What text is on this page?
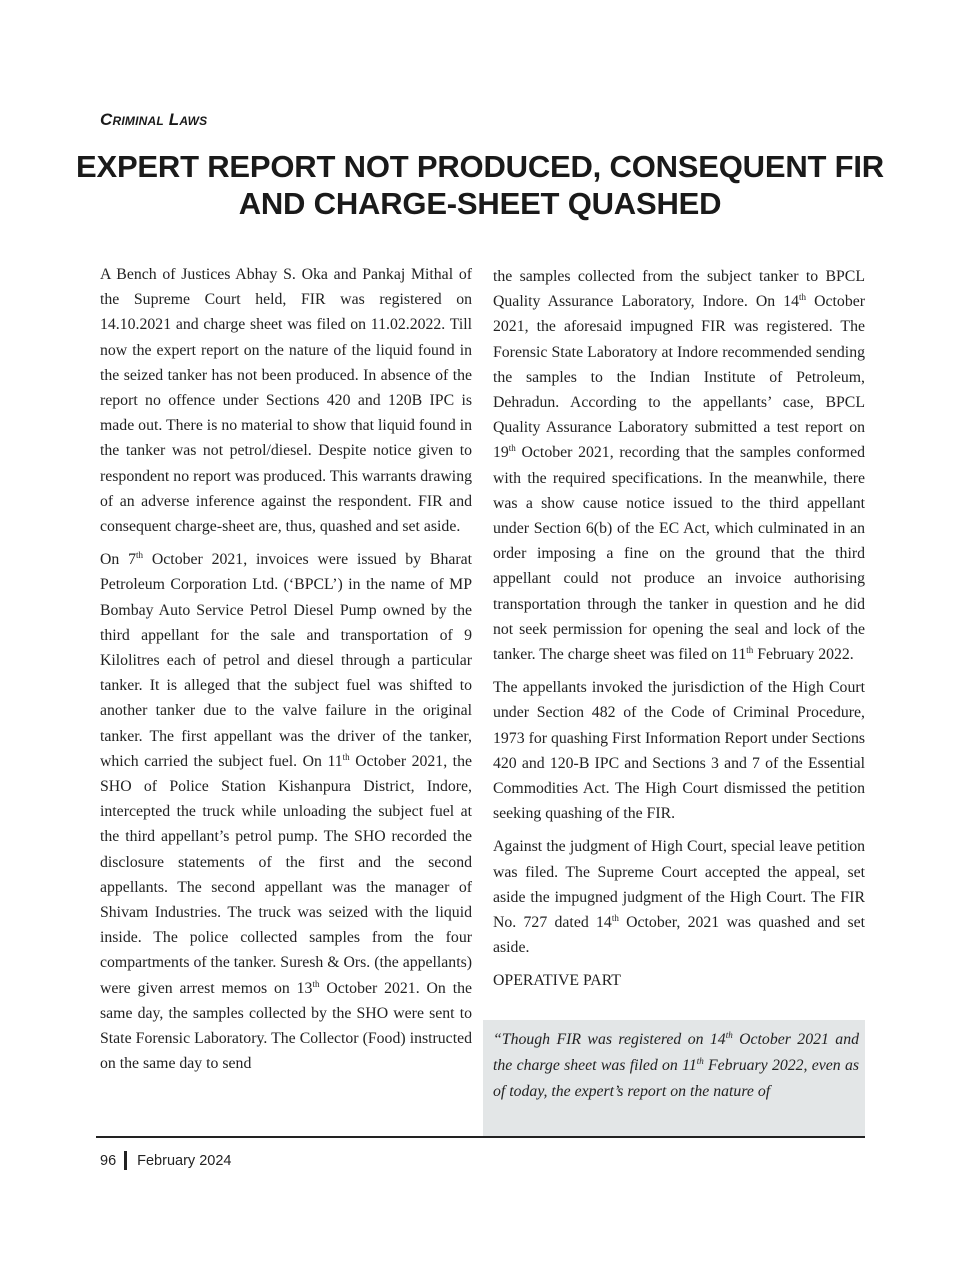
Criminal Laws
EXPERT REPORT NOT PRODUCED, CONSEQUENT FIR AND CHARGE-SHEET QUASHED

A Bench of Justices Abhay S. Oka and Pankaj Mithal of the Supreme Court held, FIR was registered on 14.10.2021 and charge sheet was filed on 11.02.2022. Till now the expert report on the nature of the liquid found in the seized tanker has not been produced. In absence of the report no offence under Sections 420 and 120B IPC is made out. There is no material to show that liquid found in the tanker was not petrol/diesel. Despite notice given to respondent no report was produced. This warrants drawing of an adverse inference against the respondent. FIR and consequent charge-sheet are, thus, quashed and set aside.

On 7th October 2021, invoices were issued by Bharat Petroleum Corporation Ltd. (‘BPCL’) in the name of MP Bombay Auto Service Petrol Diesel Pump owned by the third appellant for the sale and transportation of 9 Kilolitres each of petrol and diesel through a particular tanker. It is alleged that the subject fuel was shifted to another tanker due to the valve failure in the original tanker. The first appellant was the driver of the tanker, which carried the subject fuel. On 11th October 2021, the SHO of Police Station Kishanpura District, Indore, intercepted the truck while unloading the subject fuel at the third appellant’s petrol pump. The SHO recorded the disclosure statements of the first and the second appellants. The second appellant was the manager of Shivam Industries. The truck was seized with the liquid inside. The police collected samples from the four compartments of the tanker. Suresh & Ors. (the appellants) were given arrest memos on 13th October 2021. On the same day, the samples collected by the SHO were sent to State Forensic Laboratory. The Collector (Food) instructed on the same day to send

the samples collected from the subject tanker to BPCL Quality Assurance Laboratory, Indore. On 14th October 2021, the aforesaid impugned FIR was registered. The Forensic State Laboratory at Indore recommended sending the samples to the Indian Institute of Petroleum, Dehradun. According to the appellants’ case, BPCL Quality Assurance Laboratory submitted a test report on 19th October 2021, recording that the samples conformed with the required specifications. In the meanwhile, there was a show cause notice issued to the third appellant under Section 6(b) of the EC Act, which culminated in an order imposing a fine on the ground that the third appellant could not produce an invoice authorising transportation through the tanker in question and he did not seek permission for opening the seal and lock of the tanker. The charge sheet was filed on 11th February 2022.

The appellants invoked the jurisdiction of the High Court under Section 482 of the Code of Criminal Procedure, 1973 for quashing First Information Report under Sections 420 and 120-B IPC and Sections 3 and 7 of the Essential Commodities Act. The High Court dismissed the petition seeking quashing of the FIR.

Against the judgment of High Court, special leave petition was filed. The Supreme Court accepted the appeal, set aside the impugned judgment of the High Court. The FIR No. 727 dated 14th October, 2021 was quashed and set aside.

OPERATIVE PART

“Though FIR was registered on 14th October 2021 and the charge sheet was filed on 11th February 2022, even as of today, the expert’s report on the nature of
96 February 2024
